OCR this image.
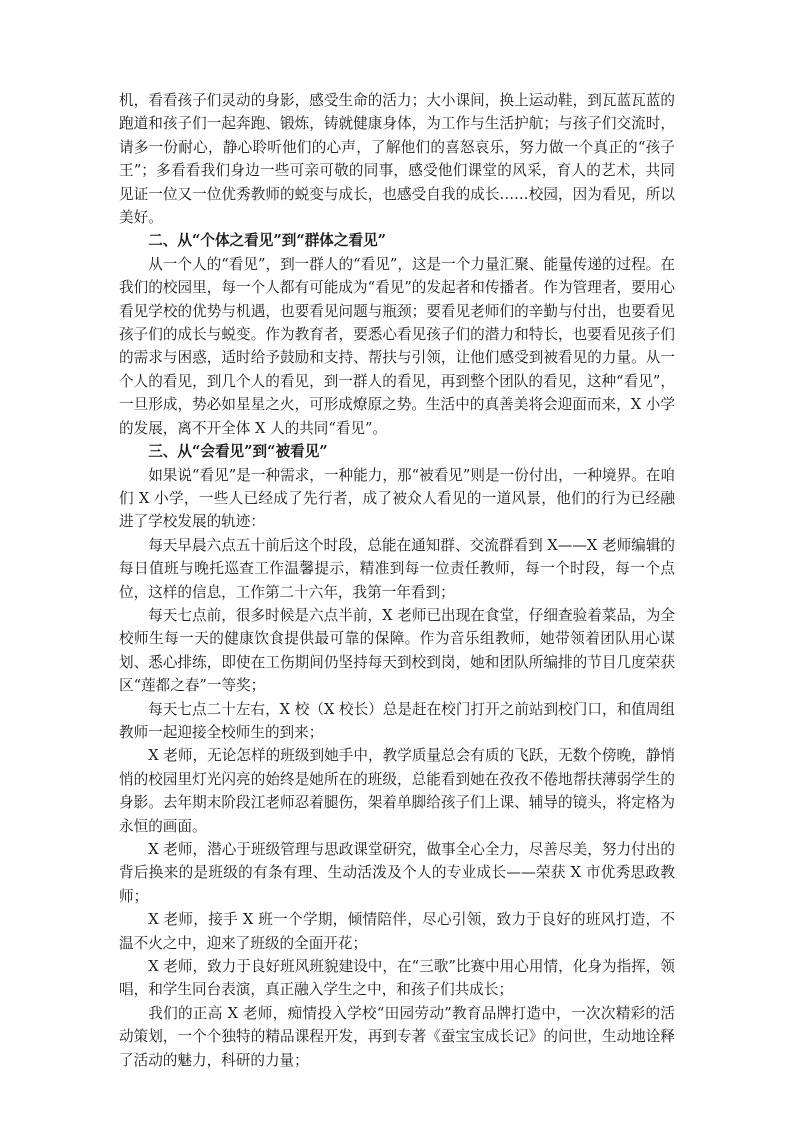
机，看看孩子们灵动的身影，感受生命的活力；大小课间，换上运动鞋，到瓦蓝瓦蓝的跑道和孩子们一起奔跑、锻炼，铸就健康身体，为工作与生活护航；与孩子们交流时，请多一份耐心，静心聆听他们的心声，了解他们的喜怒哀乐，努力做一个真正的“孩子王”；多看看我们身边一些可亲可敬的同事，感受他们课堂的风采，育人的艺术，共同见证一位又一位优秀教师的蜕变与成长，也感受自我的成长……校园，因为看见，所以美好。

二、从“个体之看见”到“群体之看见”

从一个人的“看见”，到一群人的“看见”，这是一个力量汇聚、能量传递的过程。在我们的校园里，每一个人都有可能成为“看见”的发起者和传播者。作为管理者，要用心看见学校的优势与机遇，也要看见问题与瓶颈；要看见老师们的辛勤与付出，也要看见孩子们的成长与蜕变。作为教育者，要悉心看见孩子们的潜力和特长，也要看见孩子们的需求与困惑，适时给予鼓励和支持、帮扶与引领，让他们感受到被看见的力量。从一个人的看见，到几个人的看见，到一群人的看见，再到整个团队的看见，这种“看见”，一旦形成，势必如星星之火，可形成燎原之势。生活中的真善美将会迎面而来，X 小学的发展，离不开全体 X 人的共同“看见”。

三、从“会看见”到“被看见”

如果说“看见”是一种需求，一种能力，那“被看见”则是一份付出，一种境界。在咱们 X 小学，一些人已经成了先行者，成了被众人看见的一道风景，他们的行为已经融进了学校发展的轨迹：

每天早晨六点五十前后这个时段，总能在通知群、交流群看到 X——X 老师编辑的每日值班与晚托巡查工作温馨提示，精准到每一位责任教师，每一个时段，每一个点位，这样的信息，工作第二十六年，我第一年看到；

每天七点前，很多时候是六点半前，X 老师已出现在食堂，仔细查验着菜品，为全校师生每一天的健康饮食提供最可靠的保障。作为音乐组教师，她带领着团队用心谋划、悉心排练，即使在工伤期间仍坚持每天到校到岗，她和团队所编排的节目几度荣获区“莲都之春”一等奖；

每天七点二十左右，X 校（X 校长）总是赶在校门打开之前站到校门口，和值周组教师一起迎接全校师生的到来；

X 老师，无论怎样的班级到她手中，教学质量总会有质的飞跃，无数个傍晚，静悄悄的校园里灯光闪亮的始终是她所在的班级，总能看到她在孜孜不倦地帮扶薄弱学生的身影。去年期末阶段江老师忍着腿伤，架着单脚给孩子们上课、辅导的镜头，将定格为永恒的画面。

X 老师，潜心于班级管理与思政课堂研究，做事全心全力，尽善尽美，努力付出的背后换来的是班级的有条有理、生动活泼及个人的专业成长——荣获 X 市优秀思政教师；

X 老师，接手 X 班一个学期，倾情陪伴，尽心引领，致力于良好的班风打造，不温不火之中，迎来了班级的全面开花；

X 老师，致力于良好班风班貌建设中，在“三歌”比赛中用心用情，化身为指挥，领唱，和学生同台表演，真正融入学生之中，和孩子们共成长；

我们的正高 X 老师，痴情投入学校“田园劳动”教育品牌打造中，一次次精彩的活动策划，一个个独特的精品课程开发，再到专著《蚕宝宝成长记》的问世，生动地诠释了活动的魅力，科研的力量；
